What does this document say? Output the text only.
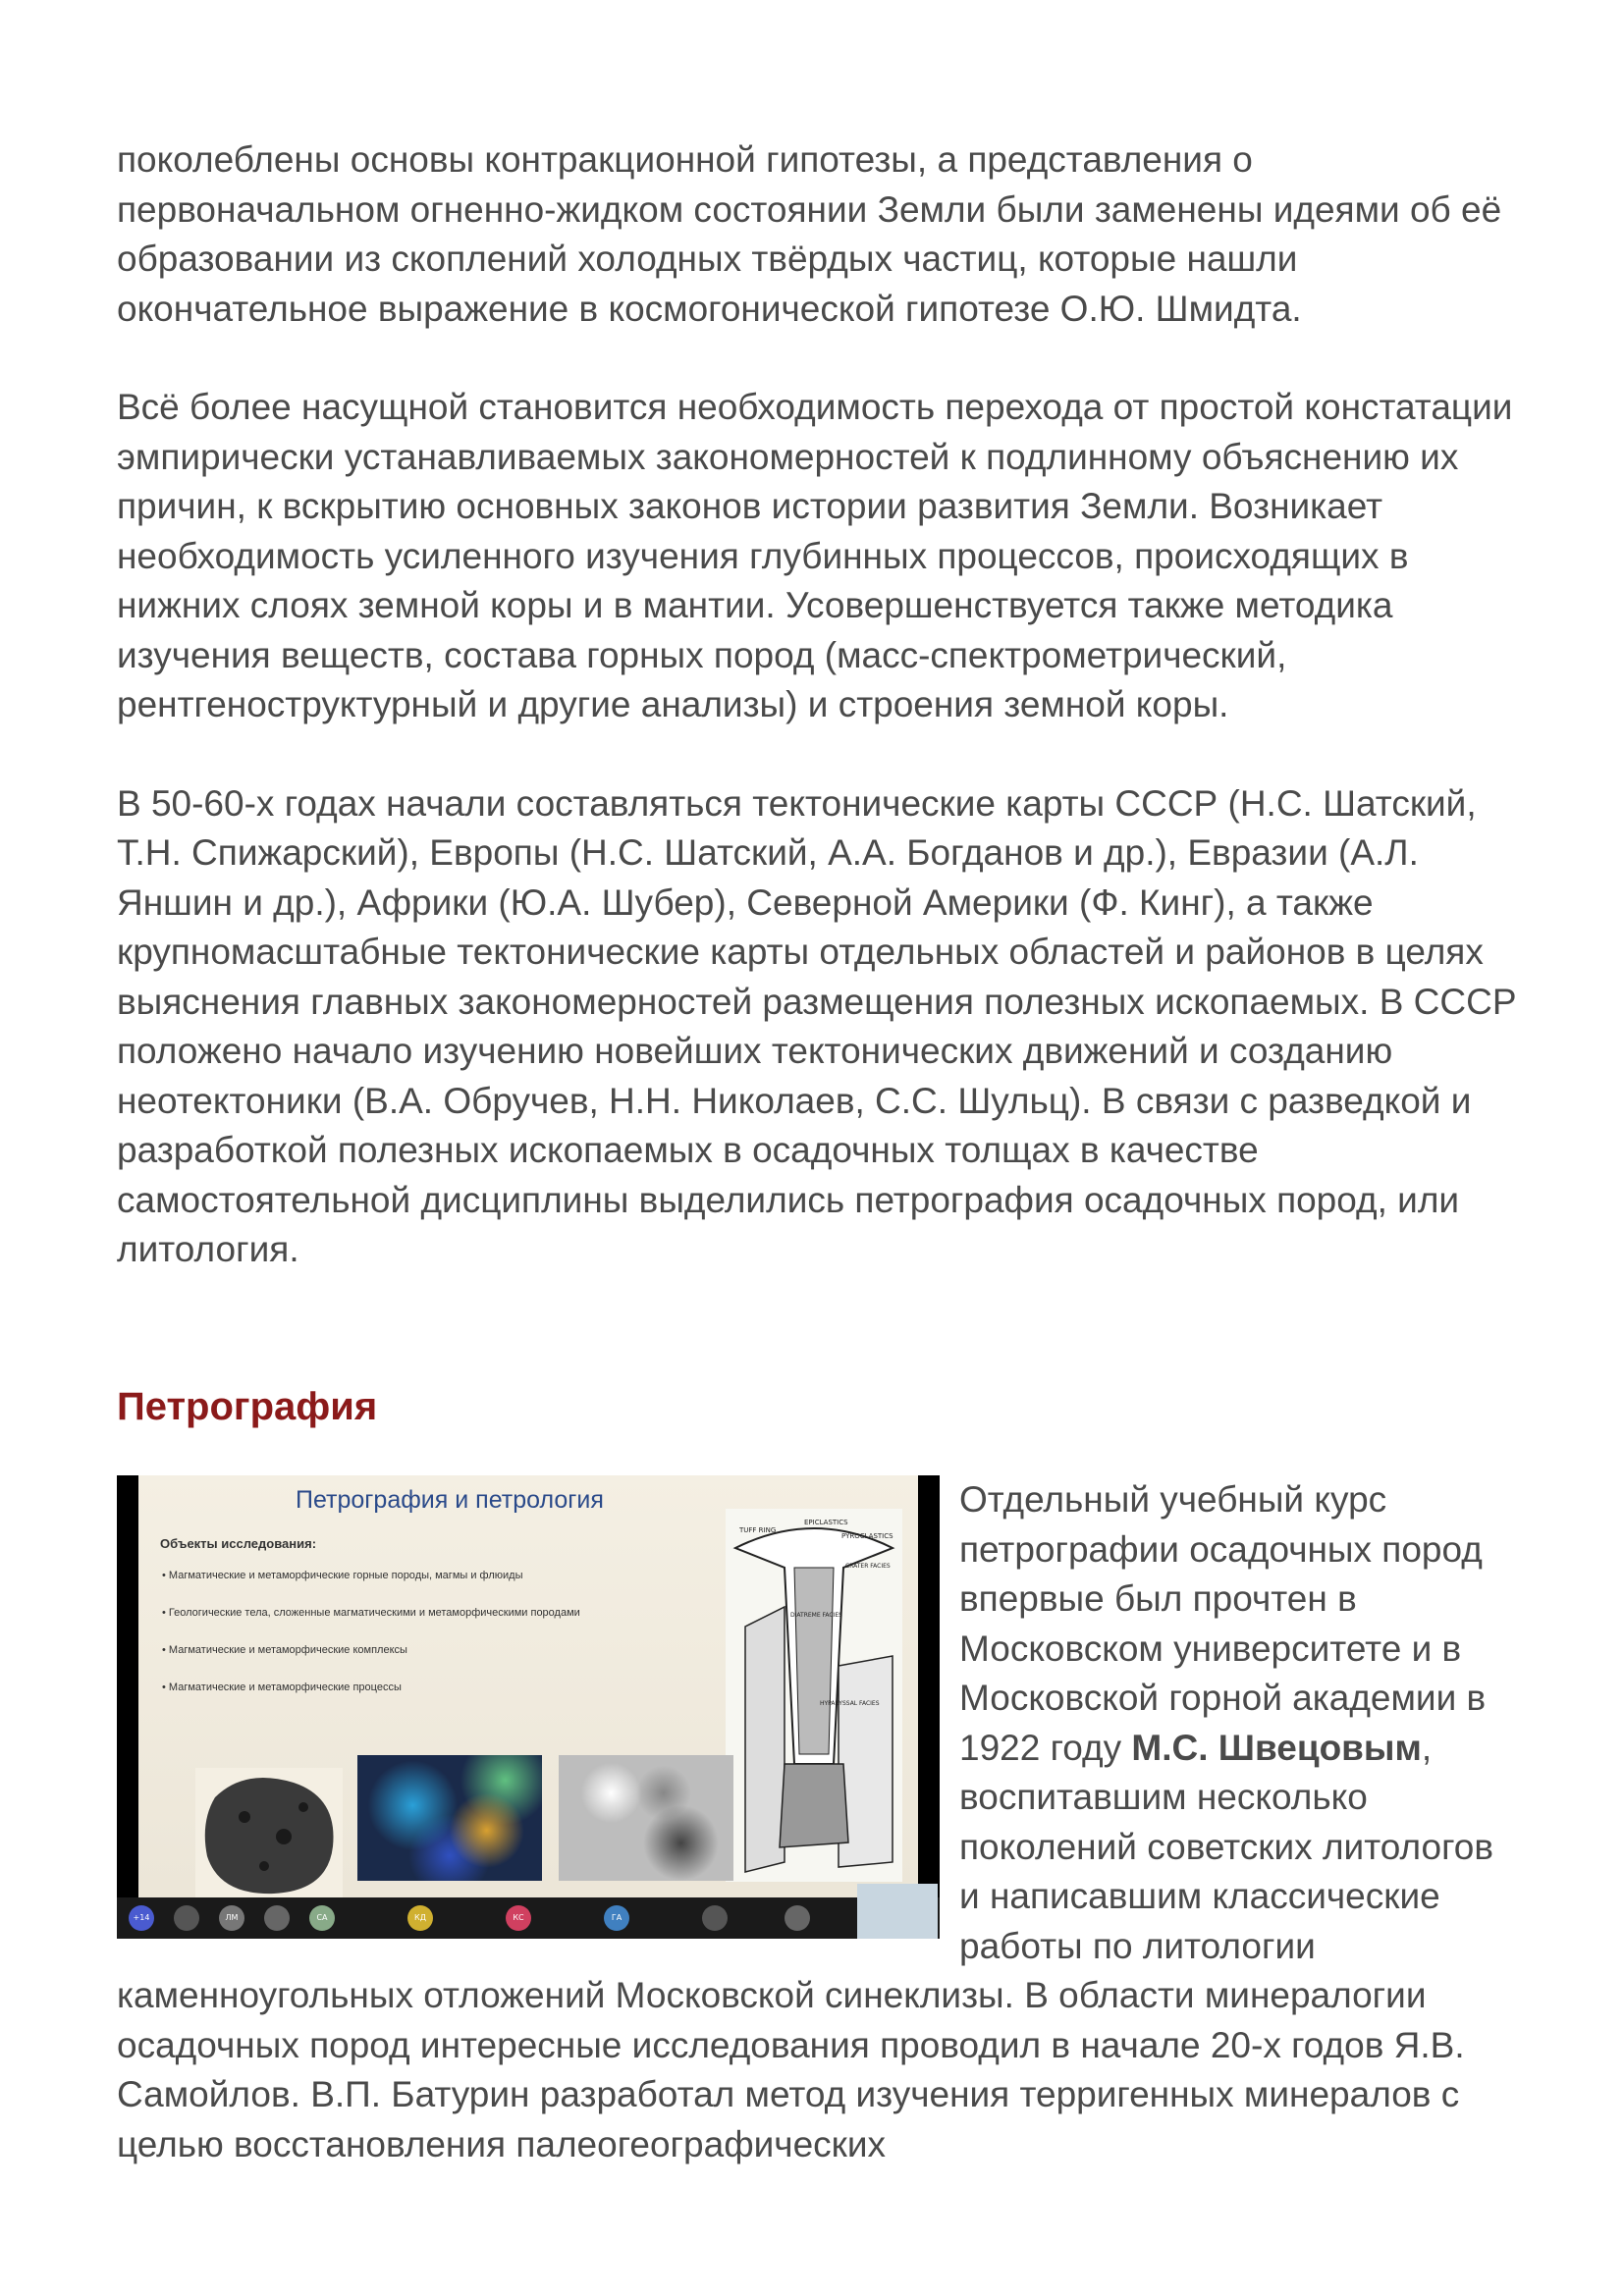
поколеблены основы контракционной гипотезы, а представления о первоначальном огненно-жидком состоянии Земли были заменены идеями об её образовании из скоплений холодных твёрдых частиц, которые нашли окончательное выражение в космогонической гипотезе О.Ю. Шмидта.

Всё более насущной становится необходимость перехода от простой констатации эмпирически устанавливаемых закономерностей к подлинному объяснению их причин, к вскрытию основных законов истории развития Земли. Возникает необходимость усиленного изучения глубинных процессов, происходящих в нижних слоях земной коры и в мантии. Усовершенствуется также методика изучения веществ, состава горных пород (масс-спектрометрический, рентгеноструктурный и другие анализы) и строения земной коры.

В 50-60-х годах начали составляться тектонические карты СССР (Н.С. Шатский, Т.Н. Спижарский), Европы (Н.С. Шатский, А.А. Богданов и др.), Евразии (А.Л. Яншин и др.), Африки (Ю.А. Шубер), Северной Америки (Ф. Кинг), а также крупномасштабные тектонические карты отдельных областей и районов в целях выяснения главных закономерностей размещения полезных ископаемых. В СССР положено начало изучению новейших тектонических движений и созданию неотектоники (В.А. Обручев, Н.Н. Николаев, С.С. Шульц). В связи с разведкой и разработкой полезных ископаемых в осадочных толщах в качестве самостоятельной дисциплины выделились петрография осадочных пород, или литология.

Петрография
Петрография и петрология
Объекты исследования:
• Магматические и метаморфические горные породы, магмы и флюиды
• Геологические тела, сложенные магматическими и метаморфическими породами
• Магматические и метаморфические комплексы
• Магматические и метаморфические процессы
EPICLASTICS
TUFF RING
PYROCLASTICS
CRATER FACIES
DIATREME FACIES
HYPABYSSAL FACIES
+14	ЛМ	СА	КД	КС	ГА

Отдельный учебный курс петрографии осадочных пород впервые был прочтен в Московском университете и в Московской горной академии в 1922 году М.С. Швецовым, воспитавшим несколько поколений советских литологов и написавшим классические работы по литологии каменноугольных отложений Московской синеклизы. В области минералогии осадочных пород интересные исследования проводил в начале 20-х годов Я.В. Самойлов. В.П. Батурин разработал метод изучения терригенных минералов с целью восстановления палеогеографических
